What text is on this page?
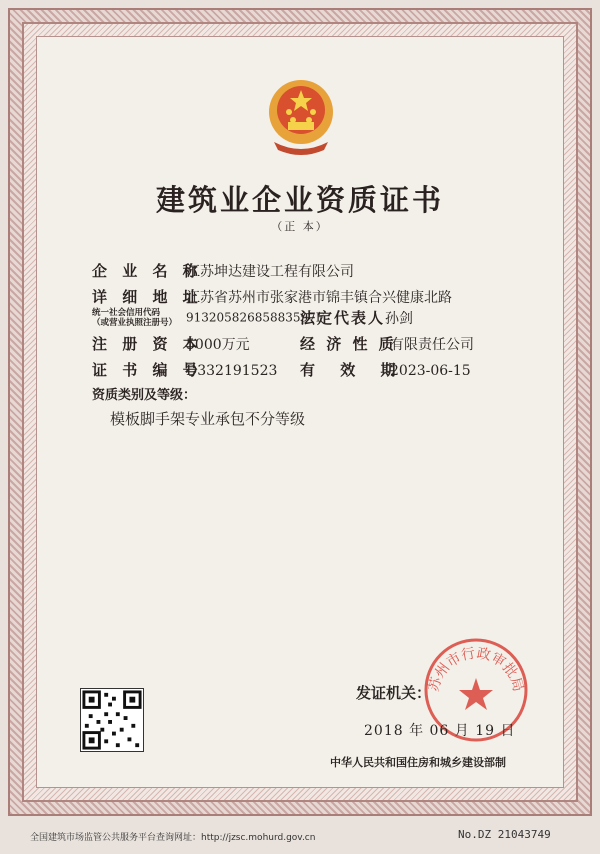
建筑业企业资质证书
（正 本）
企 业 名 称江苏坤达建设工程有限公司
详 细 地 址江苏省苏州市张家港市锦丰镇合兴健康北路
统一社会信用代码
（或营业执照注册号） 91320582685883597F
法定代表人孙剑
注 册 资 本5000万元	经 济 性 质有限责任公司
证 书 编 号D332191523 有 效 期2023-06-15
资质类别及等级：
模板脚手架专业承包不分等级
发证机关：
苏州市行政审批局
2018 年 06 月 19 日
中华人民共和国住房和城乡建设部制
全国建筑市场监管公共服务平台查询网址：http://jzsc.mohurd.gov.cn	No.DZ 21043749
